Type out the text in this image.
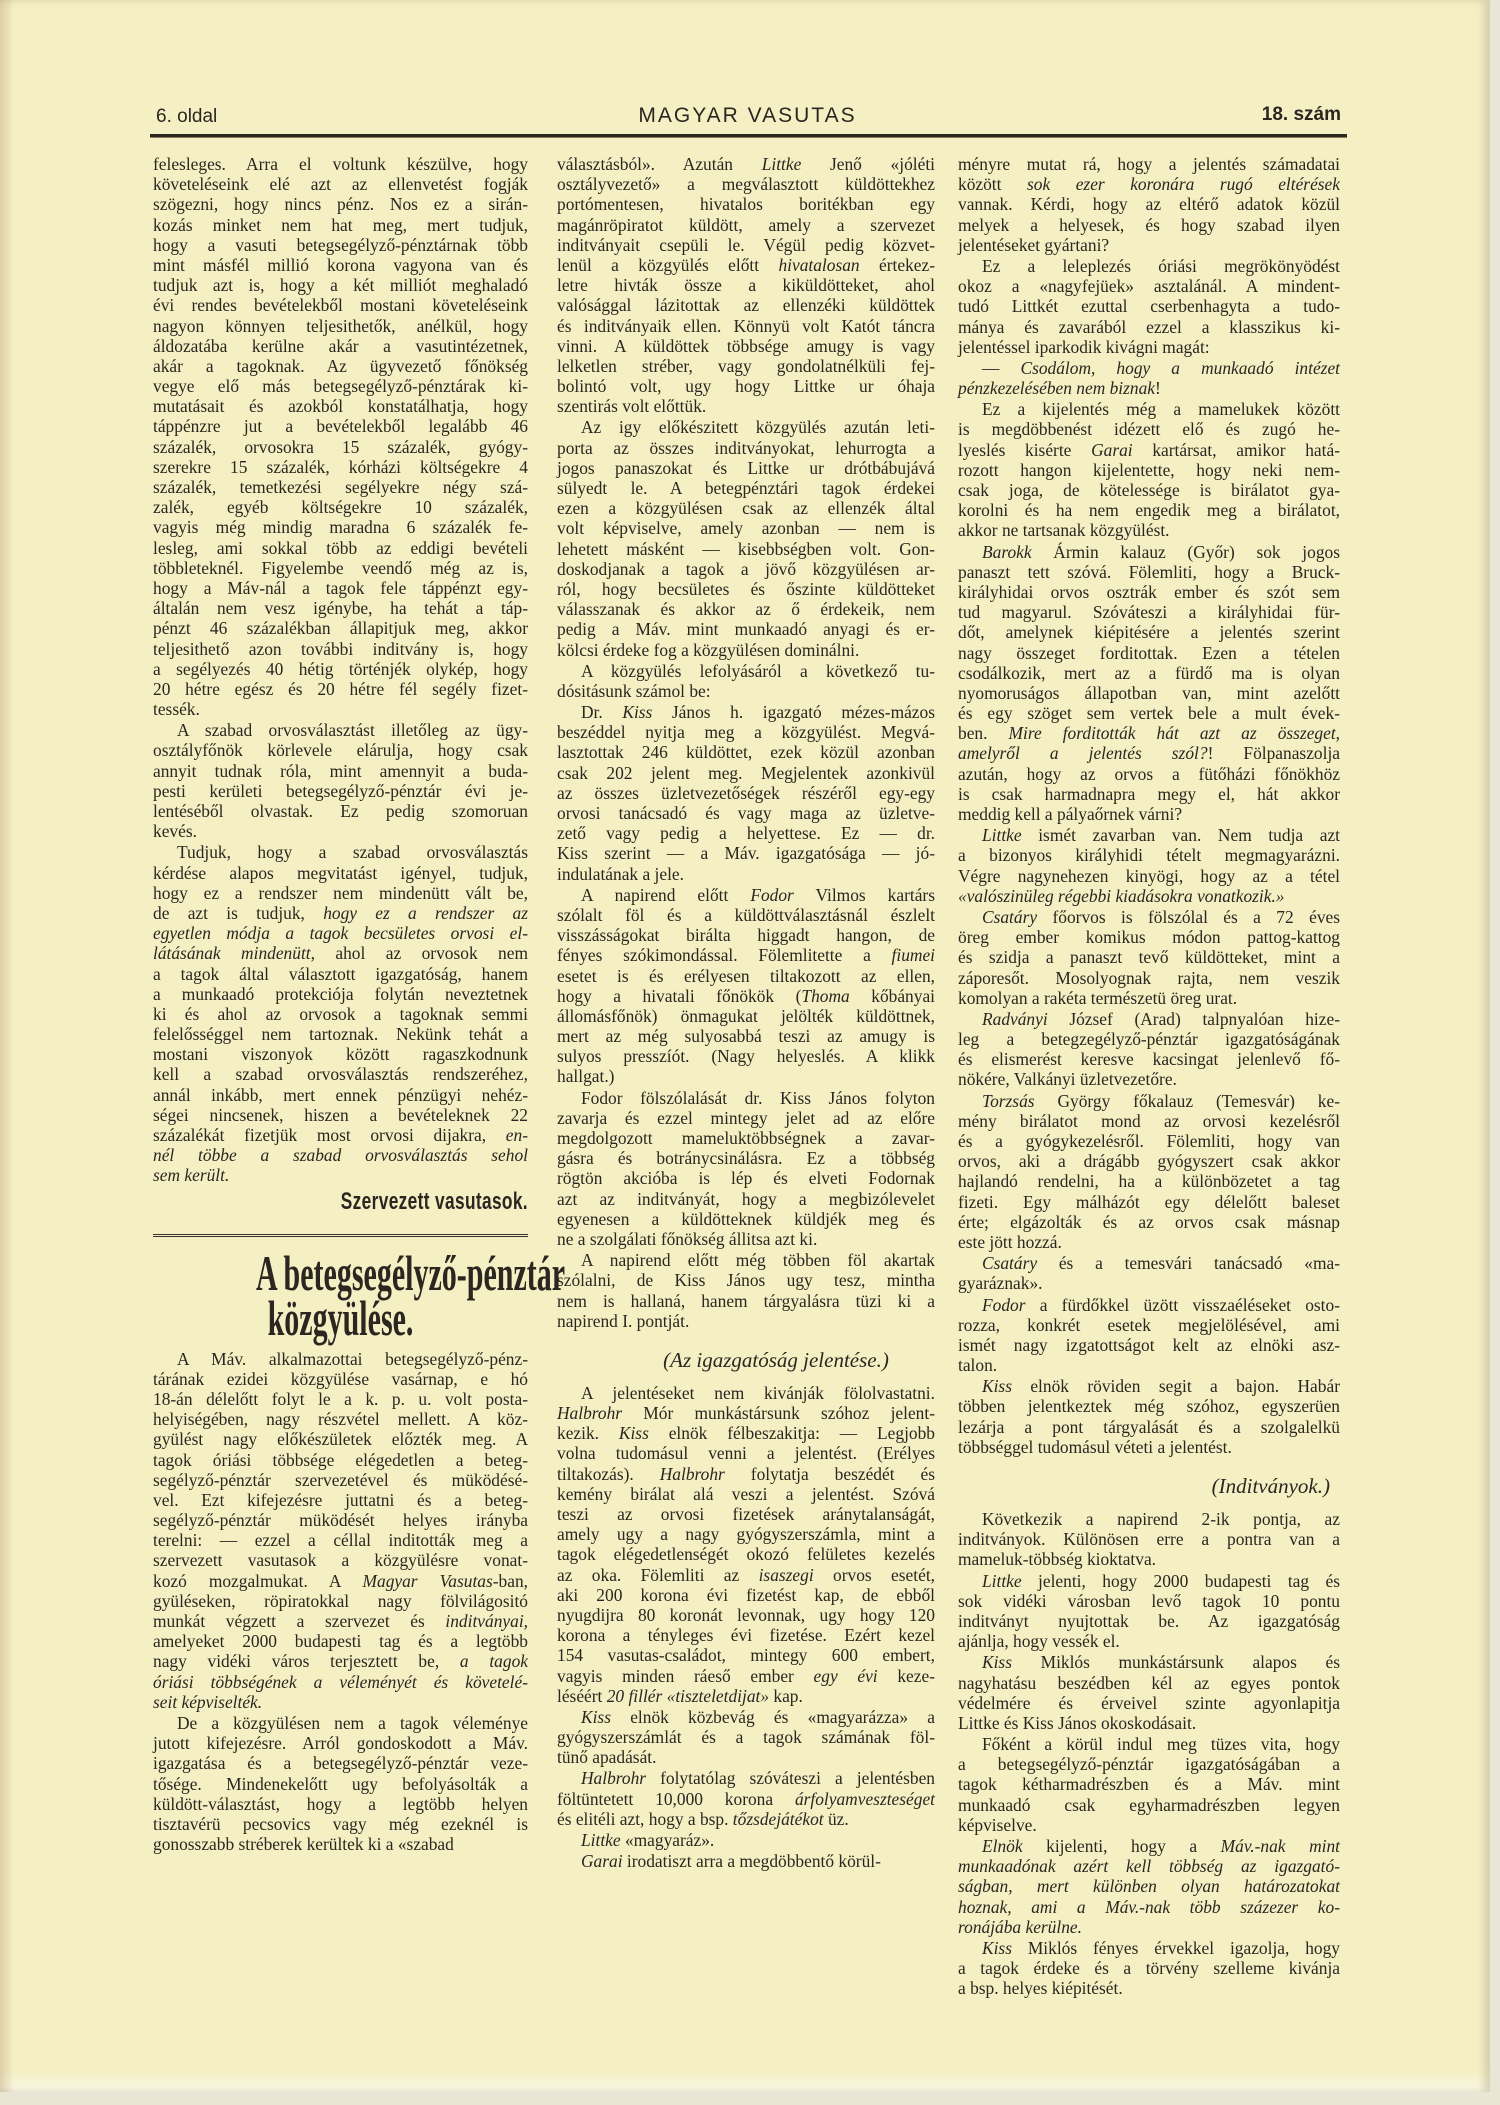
6. oldal	MAGYAR VASUTAS	18. szám
felesleges. Arra el voltunk készülve, hogy
követeléseink elé azt az ellenvetést fogják
szögezni, hogy nincs pénz. Nos ez a sirán-
kozás minket nem hat meg, mert tudjuk,
hogy a vasuti betegsegélyző-pénztárnak több
mint másfél millió korona vagyona van és
tudjuk azt is, hogy a két milliót meghaladó
évi rendes bevételekből mostani követeléseink
nagyon könnyen teljesithetők, anélkül, hogy
áldozatába kerülne akár a vasutintézetnek,
akár a tagoknak. Az ügyvezető főnökség
vegye elő más betegsegélyző-pénztárak ki-
mutatásait és azokból konstatálhatja, hogy
táppénzre jut a bevételekből legalább 46
százalék, orvosokra 15 százalék, gyógy-
szerekre 15 százalék, kórházi költségekre 4
százalék, temetkezési segélyekre négy szá-
zalék, egyéb költségekre 10 százalék,
vagyis még mindig maradna 6 százalék fe-
lesleg, ami sokkal több az eddigi bevételi
többleteknél. Figyelembe veendő még az is,
hogy a Máv-nál a tagok fele táppénzt egy-
általán nem vesz igénybe, ha tehát a táp-
pénzt 46 százalékban állapitjuk meg, akkor
teljesithető azon további inditvány is, hogy
a segélyezés 40 hétig történjék olykép, hogy
20 hétre egész és 20 hétre fél segély fizet-
tessék.
A szabad orvosválasztást illetőleg az ügy-
osztályfőnök körlevele elárulja, hogy csak
annyit tudnak róla, mint amennyit a buda-
pesti kerületi betegsegélyző-pénztár évi je-
lentéséből olvastak. Ez pedig szomoruan
kevés.
Tudjuk, hogy a szabad orvosválasztás
kérdése alapos megvitatást igényel, tudjuk,
hogy ez a rendszer nem mindenütt vált be,
de azt is tudjuk, hogy ez a rendszer az
egyetlen módja a tagok becsületes orvosi el-
látásának mindenütt, ahol az orvosok nem
a tagok által választott igazgatóság, hanem
a munkaadó protekciója folytán neveztetnek
ki és ahol az orvosok a tagoknak semmi
felelősséggel nem tartoznak. Nekünk tehát a
mostani viszonyok között ragaszkodnunk
kell a szabad orvosválasztás rendszeréhez,
annál inkább, mert ennek pénzügyi nehéz-
ségei nincsenek, hiszen a bevételeknek 22
százalékát fizetjük most orvosi dijakra, en-
nél többe a szabad orvosválasztás sehol
sem került.
Szervezett vasutasok.
A betegsegélyző-pénztár
közgyülése.
A Máv. alkalmazottai betegsegélyző-pénz-
tárának ezidei közgyülése vasárnap, e hó
18-án délelőtt folyt le a k. p. u. volt posta-
helyiségében, nagy részvétel mellett. A köz-
gyülést nagy előkészületek előzték meg. A
tagok óriási többsége elégedetlen a beteg-
segélyző-pénztár szervezetével és müködésé-
vel. Ezt kifejezésre juttatni és a beteg-
segélyző-pénztár müködését helyes irányba
terelni: — ezzel a céllal inditották meg a
szervezett vasutasok a közgyülésre vonat-
kozó mozgalmukat. A Magyar Vasutas-ban,
gyüléseken, röpiratokkal nagy fölvilágositó
munkát végzett a szervezet és inditványai,
amelyeket 2000 budapesti tag és a legtöbb
nagy vidéki város terjesztett be, a tagok
óriási többségének a véleményét és követelé-
seit képviselték.
De a közgyülésen nem a tagok véleménye
jutott kifejezésre. Arról gondoskodott a Máv.
igazgatása és a betegsegélyző-pénztár veze-
tősége. Mindenekelőtt ugy befolyásolták a
küldött-választást, hogy a legtöbb helyen
tisztavérü pecsovics vagy még ezeknél is
gonosszabb stréberek kerültek ki a «szabad
választásból». Azután Littke Jenő «jóléti
osztályvezető» a megválasztott küldöttekhez
portómentesen, hivatalos boritékban egy
magánröpiratot küldött, amely a szervezet
inditványait csepüli le. Végül pedig közvet-
lenül a közgyülés előtt hivatalosan értekez-
letre hivták össze a kiküldötteket, ahol
valósággal lázitottak az ellenzéki küldöttek
és inditványaik ellen. Könnyü volt Katót táncra
vinni. A küldöttek többsége amugy is vagy
lelketlen stréber, vagy gondolatnélküli fej-
bolintó volt, ugy hogy Littke ur óhaja
szentirás volt előttük.
Az igy előkészitett közgyülés azután leti-
porta az összes inditványokat, lehurrogta a
jogos panaszokat és Littke ur drótbábujává
sülyedt le. A betegpénztári tagok érdekei
ezen a közgyülésen csak az ellenzék által
volt képviselve, amely azonban — nem is
lehetett másként — kisebbségben volt. Gon-
doskodjanak a tagok a jövő közgyülésen ar-
ról, hogy becsületes és őszinte küldötteket
válasszanak és akkor az ő érdekeik, nem
pedig a Máv. mint munkaadó anyagi és er-
kölcsi érdeke fog a közgyülésen dominálni.
A közgyülés lefolyásáról a következő tu-
dósitásunk számol be:
Dr. Kiss János h. igazgató mézes-mázos
beszéddel nyitja meg a közgyülést. Megvá-
lasztottak 246 küldöttet, ezek közül azonban
csak 202 jelent meg. Megjelentek azonkivül
az összes üzletvezetőségek részéről egy-egy
orvosi tanácsadó és vagy maga az üzletve-
zető vagy pedig a helyettese. Ez — dr.
Kiss szerint — a Máv. igazgatósága — jó-
indulatának a jele.
A napirend előtt Fodor Vilmos kartárs
szólalt föl és a küldöttválasztásnál észlelt
visszásságokat birálta higgadt hangon, de
fényes szókimondással. Fölemlitette a fiumei
esetet is és erélyesen tiltakozott az ellen,
hogy a hivatali főnökök (Thoma kőbányai
állomásfőnök) önmagukat jelölték küldöttnek,
mert az még sulyosabbá teszi az amugy is
sulyos presszíót. (Nagy helyeslés. A klikk
hallgat.)
Fodor fölszólalását dr. Kiss János folyton
zavarja és ezzel mintegy jelet ad az előre
megdolgozott mameluktöbbségnek a zavar-
gásra és botránycsinálásra. Ez a többség
rögtön akcióba is lép és elveti Fodornak
azt az inditványát, hogy a megbizólevelet
egyenesen a küldötteknek küldjék meg és
ne a szolgálati főnökség állitsa azt ki.
A napirend előtt még többen föl akartak
szólalni, de Kiss János ugy tesz, mintha
nem is hallaná, hanem tárgyalásra tüzi ki a
napirend I. pontját.
(Az igazgatóság jelentése.)
A jelentéseket nem kivánják fölolvastatni.
Halbrohr Mór munkástársunk szóhoz jelent-
kezik. Kiss elnök félbeszakitja: — Legjobb
volna tudomásul venni a jelentést. (Erélyes
tiltakozás). Halbrohr folytatja beszédét és
kemény birálat alá veszi a jelentést. Szóvá
teszi az orvosi fizetések aránytalanságát,
amely ugy a nagy gyógyszerszámla, mint a
tagok elégedetlenségét okozó felületes kezelés
az oka. Fölemliti az isaszegi orvos esetét,
aki 200 korona évi fizetést kap, de ebből
nyugdijra 80 koronát levonnak, ugy hogy 120
korona a tényleges évi fizetése. Ezért kezel
154 vasutas-családot, mintegy 600 embert,
vagyis minden ráeső ember egy évi keze-
léséért 20 fillér «tiszteletdijat» kap.
Kiss elnök közbevág és «magyarázza» a
gyógyszerszámlát és a tagok számának föl-
tünő apadását.
Halbrohr folytatólag szóváteszi a jelentésben
föltüntetett 10,000 korona árfolyamveszteséget
és elitéli azt, hogy a bsp. tőzsdejátékot üz.
Littke «magyaráz».
Garai irodatiszt arra a megdöbbentő körül-
ményre mutat rá, hogy a jelentés számadatai
között sok ezer koronára rugó eltérések
vannak. Kérdi, hogy az eltérő adatok közül
melyek a helyesek, és hogy szabad ilyen
jelentéseket gyártani?
Ez a leleplezés óriási megrökönyödést
okoz a «nagyfejüek» asztalánál. A mindent-
tudó Littkét ezuttal cserbenhagyta a tudo-
mánya és zavarából ezzel a klasszikus ki-
jelentéssel iparkodik kivágni magát:
— Csodálom, hogy a munkaadó intézet
pénzkezelésében nem biznak!
Ez a kijelentés még a mamelukek között
is megdöbbenést idézett elő és zugó he-
lyeslés kisérte Garai kartársat, amikor hatá-
rozott hangon kijelentette, hogy neki nem-
csak joga, de kötelessége is birálatot gya-
korolni és ha nem engedik meg a birálatot,
akkor ne tartsanak közgyülést.
Barokk Ármin kalauz (Győr) sok jogos
panaszt tett szóvá. Fölemliti, hogy a Bruck-
királyhidai orvos osztrák ember és szót sem
tud magyarul. Szóváteszi a királyhidai für-
dőt, amelynek kiépitésére a jelentés szerint
nagy összeget forditottak. Ezen a tételen
csodálkozik, mert az a fürdő ma is olyan
nyomoruságos állapotban van, mint azelőtt
és egy szöget sem vertek bele a mult évek-
ben. Mire forditották hát azt az összeget,
amelyről a jelentés szól?! Fölpanaszolja
azután, hogy az orvos a fütőházi főnökhöz
is csak harmadnapra megy el, hát akkor
meddig kell a pályaőrnek várni?
Littke ismét zavarban van. Nem tudja azt
a bizonyos királyhidi tételt megmagyarázni.
Végre nagynehezen kinyögi, hogy az a tétel
«valószinüleg régebbi kiadásokra vonatkozik.»
Csatáry főorvos is fölszólal és a 72 éves
öreg ember komikus módon pattog-kattog
és szidja a panaszt tevő küldötteket, mint a
záporesőt. Mosolyognak rajta, nem veszik
komolyan a rakéta természetü öreg urat.
Radványi József (Arad) talpnyalóan hize-
leg a betegzegélyző-pénztár igazgatóságának
és elismerést keresve kacsingat jelenlevő fő-
nökére, Valkányi üzletvezetőre.
Torzsás György főkalauz (Temesvár) ke-
mény birálatot mond az orvosi kezelésről
és a gyógykezelésről. Fölemliti, hogy van
orvos, aki a drágább gyógyszert csak akkor
hajlandó rendelni, ha a különbözetet a tag
fizeti. Egy málházót egy délelőtt baleset
érte; elgázolták és az orvos csak másnap
este jött hozzá.
Csatáry és a temesvári tanácsadó «ma-
gyaráznak».
Fodor a fürdőkkel üzött visszaéléseket osto-
rozza, konkrét esetek megjelölésével, ami
ismét nagy izgatottságot kelt az elnöki asz-
talon.
Kiss elnök röviden segit a bajon. Habár
többen jelentkeztek még szóhoz, egyszerüen
lezárja a pont tárgyalását és a szolgalelkü
többséggel tudomásul véteti a jelentést.
(Inditványok.)
Következik a napirend 2-ik pontja, az
inditványok. Különösen erre a pontra van a
mameluk-többség kioktatva.
Littke jelenti, hogy 2000 budapesti tag és
sok vidéki városban levő tagok 10 pontu
inditványt nyujtottak be. Az igazgatóság
ajánlja, hogy vessék el.
Kiss Miklós munkástársunk alapos és
nagyhatásu beszédben kél az egyes pontok
védelmére és érveivel szinte agyonlapitja
Littke és Kiss János okoskodásait.
Főként a körül indul meg tüzes vita, hogy
a betegsegélyző-pénztár igazgatóságában a
tagok kétharmadrészben és a Máv. mint
munkaadó csak egyharmadrészben legyen
képviselve.
Elnök kijelenti, hogy a Máv.-nak mint
munkaadónak azért kell többség az igazgató-
ságban, mert különben olyan határozatokat
hoznak, ami a Máv.-nak több százezer ko-
ronájába kerülne.
Kiss Miklós fényes érvekkel igazolja, hogy
a tagok érdeke és a törvény szelleme kivánja
a bsp. helyes kiépitését.
